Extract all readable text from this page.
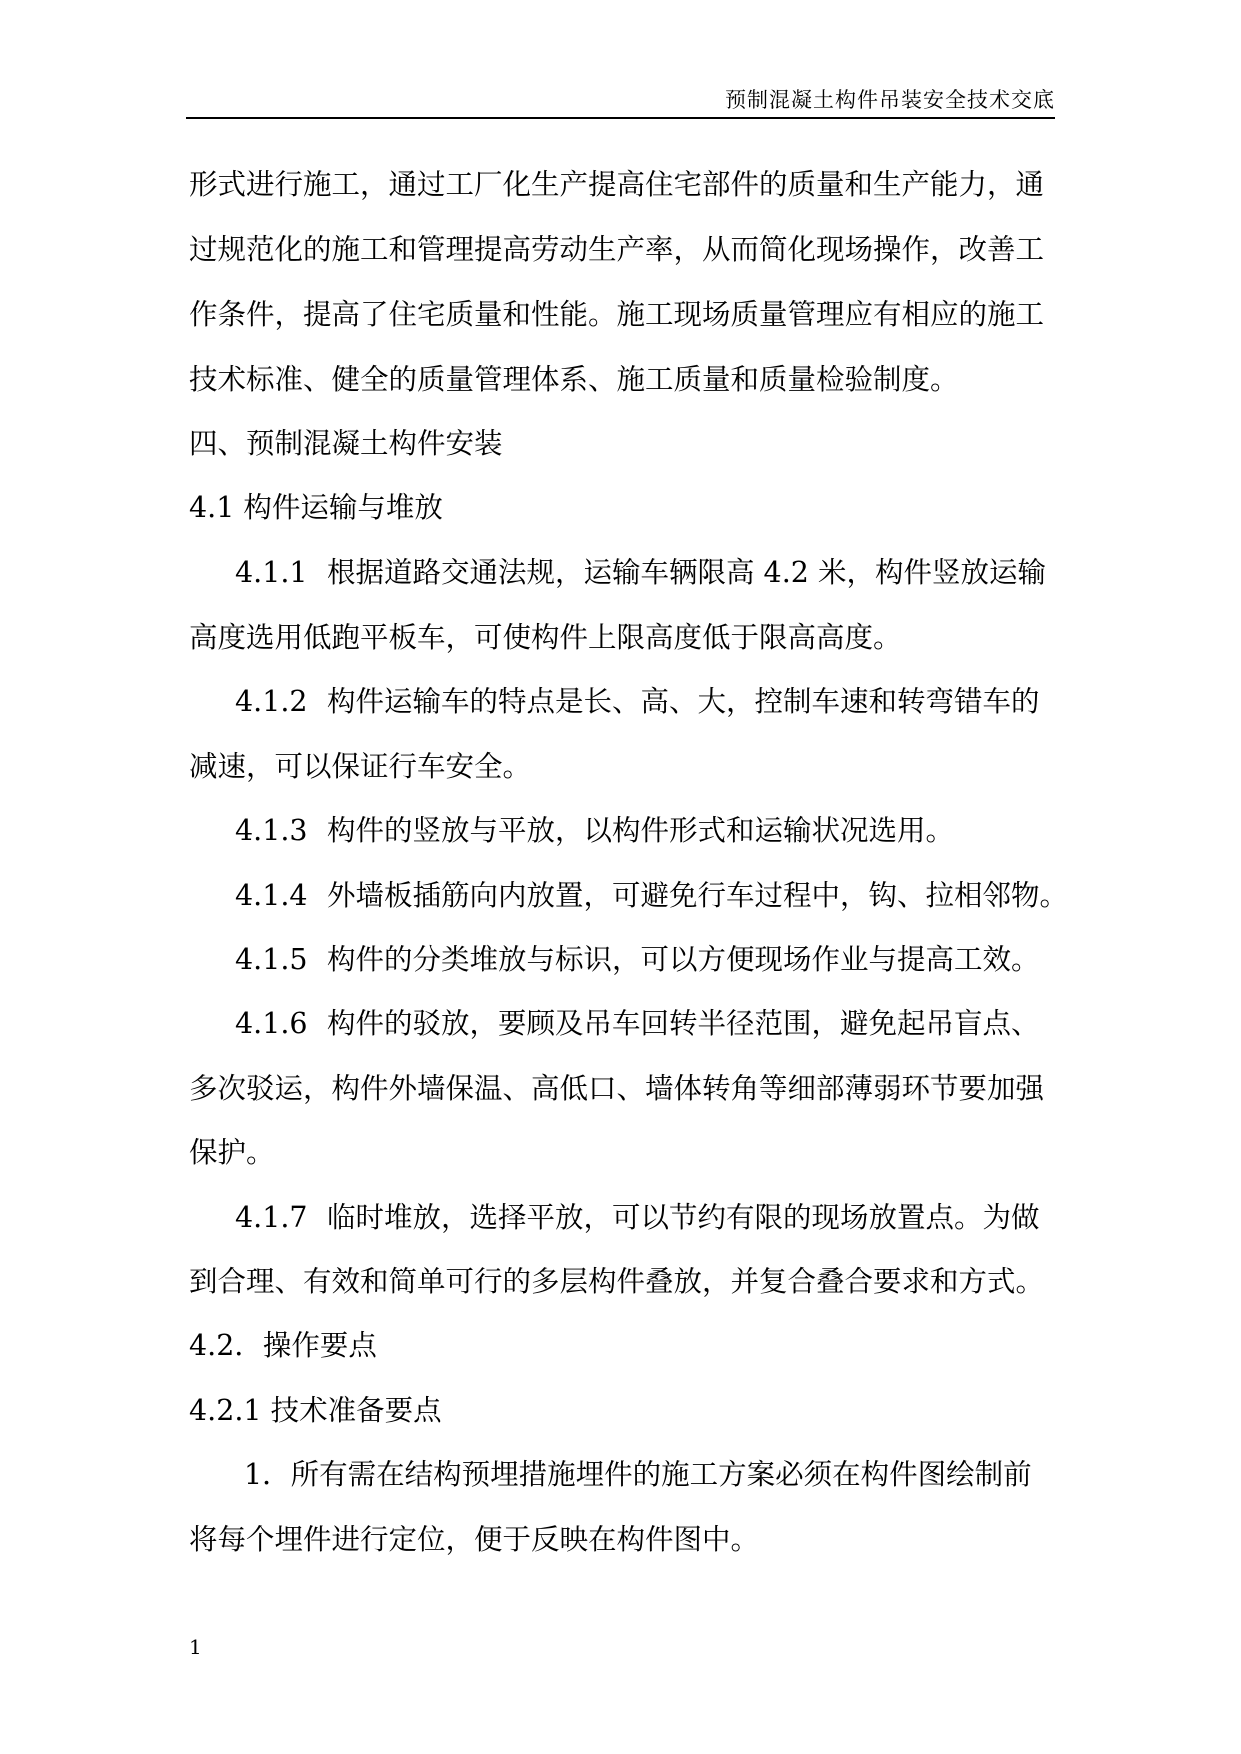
预制混凝土构件吊装安全技术交底
形式进行施工，通过工厂化生产提高住宅部件的质量和生产能力，通
过规范化的施工和管理提高劳动生产率，从而简化现场操作，改善工
作条件，提高了住宅质量和性能。施工现场质量管理应有相应的施工
技术标准、健全的质量管理体系、施工质量和质量检验制度。
四、预制混凝土构件安装
4.1 构件运输与堆放
4.1.1 根据道路交通法规，运输车辆限高 4.2 米，构件竖放运输
高度选用低跑平板车，可使构件上限高度低于限高高度。
4.1.2 构件运输车的特点是长、高、大，控制车速和转弯错车的
减速，可以保证行车安全。
4.1.3 构件的竖放与平放，以构件形式和运输状况选用。
4.1.4 外墙板插筋向内放置，可避免行车过程中，钩、拉相邻物。
4.1.5 构件的分类堆放与标识，可以方便现场作业与提高工效。
4.1.6 构件的驳放，要顾及吊车回转半径范围，避免起吊盲点、
多次驳运，构件外墙保温、高低口、墙体转角等细部薄弱环节要加强
保护。
4.1.7 临时堆放，选择平放，可以节约有限的现场放置点。为做
到合理、有效和简单可行的多层构件叠放，并复合叠合要求和方式。
4.2．操作要点
4.2.1 技术准备要点
1．所有需在结构预埋措施埋件的施工方案必须在构件图绘制前
将每个埋件进行定位，便于反映在构件图中。
1
